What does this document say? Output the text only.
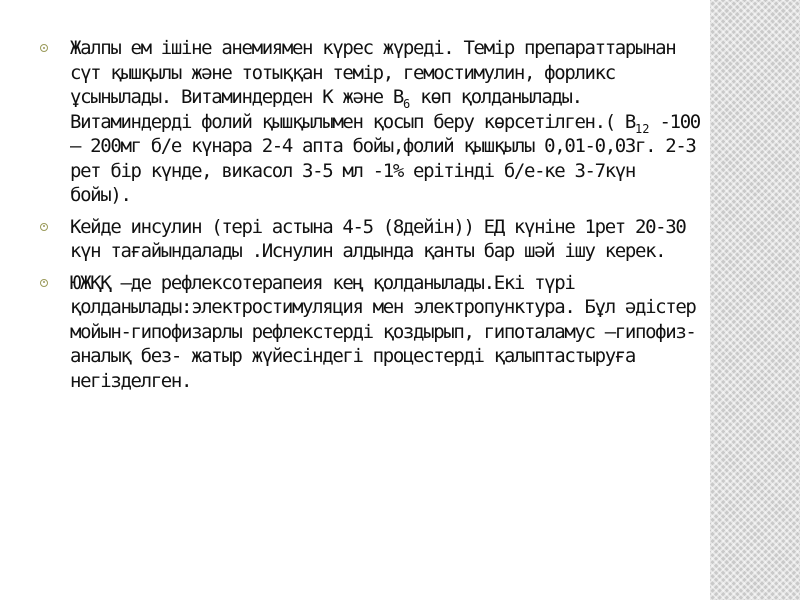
Жалпы ем ішіне анемиямен күрес жүреді. Темір препараттарынан сүт қышқылы және тотыққан темір, гемостимулин, форликс ұсынылады. Витаминдерден К және $В_6$ көп қолданылады. Витаминдерді фолий қышқылымен қосып беру көрсетілген.( $В_{12}$ -100 – 200мг б/е күнара 2-4 апта бойы,фолий қышқылы 0,01-0,03г. 2-3 рет бір күнде, викасол 3-5 мл -1% ерітінді б/е-ке 3-7күн бойы).
Кейде инсулин (тері астына 4-5 (8дейін)) ЕД күніне 1рет 20-30 күн тағайындалады .Иснулин алдында қанты бар шәй ішу керек.
ЮЖҚҚ –де рефлексотерапеия кең қолданылады.Екі түрі қолданылады:электростимуляция мен электропунктура. Бұл әдістер мойын-гипофизарлы рефлекстерді қоздырып, гипоталамус –гипофиз-аналық без- жатыр жүйесіндегі процестерді қалыптастыруға негізделген.
